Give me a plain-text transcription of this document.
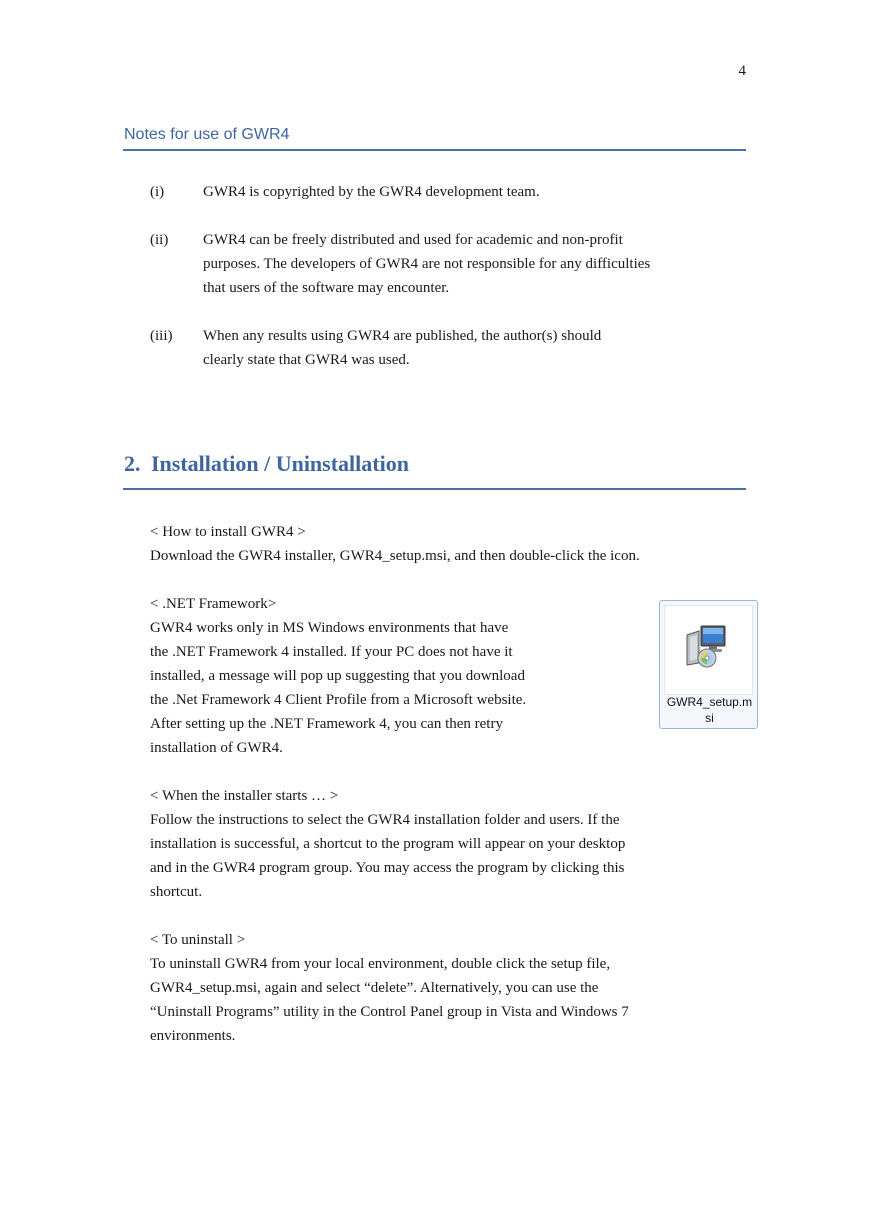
4
Notes for use of GWR4
(i)	GWR4 is copyrighted by the GWR4 development team.
(ii) GWR4 can be freely distributed and used for academic and non-profit
purposes. The developers of GWR4 are not responsible for any difficulties
that users of the software may encounter.
(iii) When any results using GWR4 are published, the author(s) should
clearly state that GWR4 was used.
2. Installation / Uninstallation
< How to install GWR4 >
Download the GWR4 installer, GWR4_setup.msi, and then double-click the icon.
< .NET Framework>
GWR4 works only in MS Windows environments that have
the .NET Framework 4 installed. If your PC does not have it
installed, a message will pop up suggesting that you download
the .Net Framework 4 Client Profile from a Microsoft website.
After setting up the .NET Framework 4, you can then retry
installation of GWR4.
GWR4_setup.m
si
< When the installer starts … >
Follow the instructions to select the GWR4 installation folder and users. If the
installation is successful, a shortcut to the program will appear on your desktop
and in the GWR4 program group. You may access the program by clicking this
shortcut.
< To uninstall >
To uninstall GWR4 from your local environment, double click the setup file,
GWR4_setup.msi, again and select “delete”. Alternatively, you can use the
“Uninstall Programs” utility in the Control Panel group in Vista and Windows 7
environments.
